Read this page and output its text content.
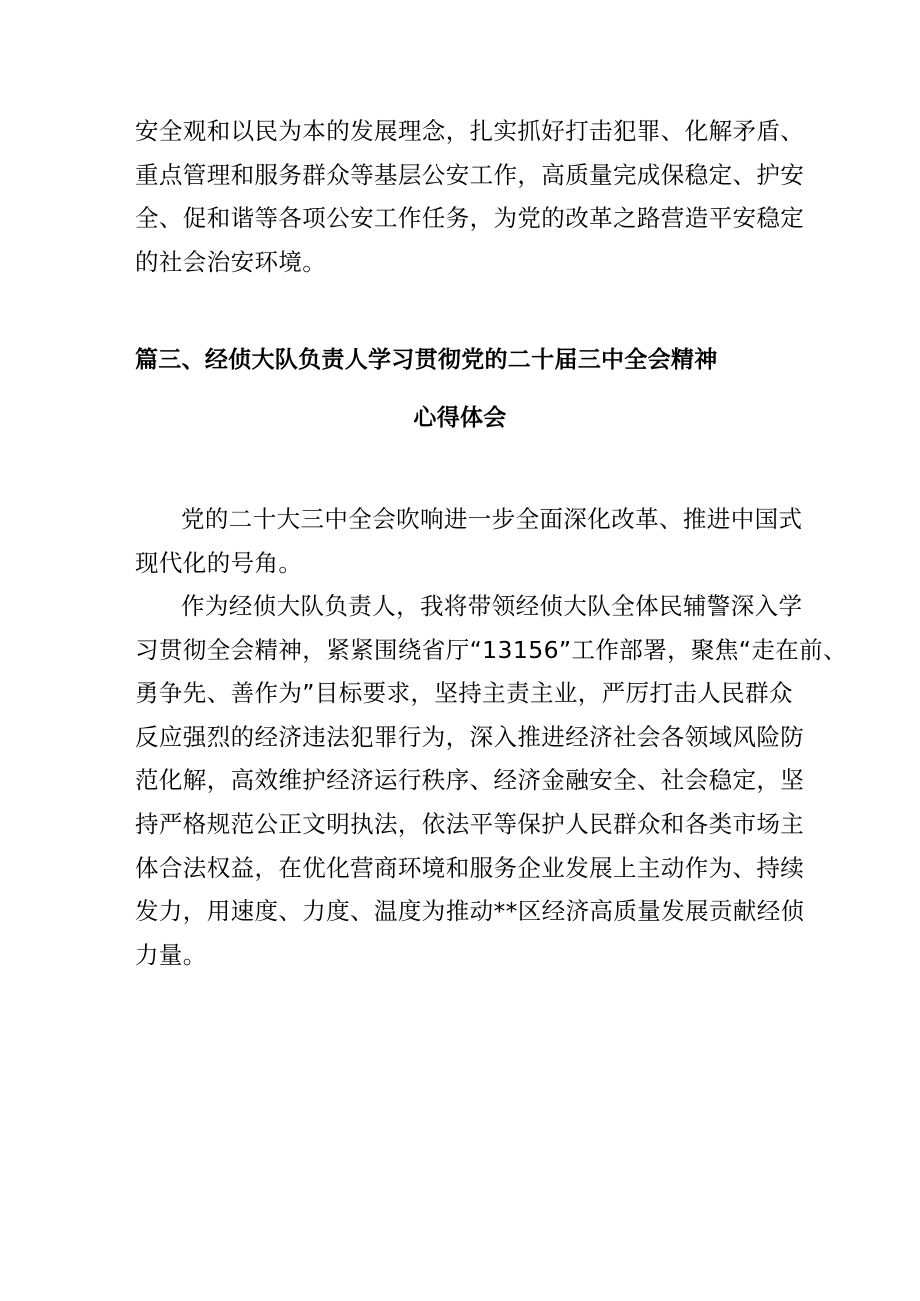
安全观和以民为本的发展理念，扎实抓好打击犯罪、化解矛盾、
重点管理和服务群众等基层公安工作，高质量完成保稳定、护安
全、促和谐等各项公安工作任务，为党的改革之路营造平安稳定
的社会治安环境。
篇三、经侦大队负责人学习贯彻党的二十届三中全会精神
心得体会
党的二十大三中全会吹响进一步全面深化改革、推进中国式
现代化的号角。
作为经侦大队负责人，我将带领经侦大队全体民辅警深入学
习贯彻全会精神，紧紧围绕省厅“13156”工作部署，聚焦“走在前、
勇争先、善作为”目标要求，坚持主责主业，严厉打击人民群众
反应强烈的经济违法犯罪行为，深入推进经济社会各领域风险防
范化解，高效维护经济运行秩序、经济金融安全、社会稳定，坚
持严格规范公正文明执法，依法平等保护人民群众和各类市场主
体合法权益，在优化营商环境和服务企业发展上主动作为、持续
发力，用速度、力度、温度为推动**区经济高质量发展贡献经侦
力量。
